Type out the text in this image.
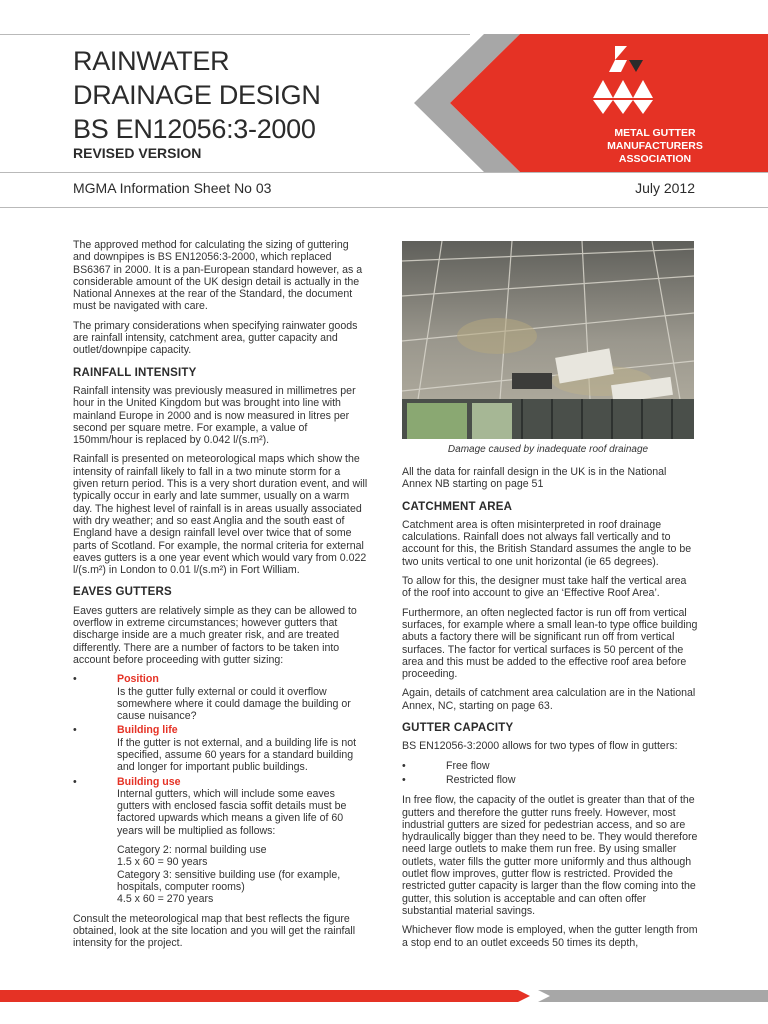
METAL GUTTER
MANUFACTURERS
ASSOCIATION
RAINWATER
DRAINAGE DESIGN
BS EN12056:3-2000
REVISED VERSION
MGMA Information Sheet No 03	July 2012

The approved method for calculating the sizing of guttering and downpipes is BS EN12056:3-2000, which replaced BS6367 in 2000. It is a pan-European standard however, as a considerable amount of the UK design detail is actually in the National Annexes at the rear of the Standard, the document must be navigated with care.

The primary considerations when specifying rainwater goods are rainfall intensity, catchment area, gutter capacity and outlet/downpipe capacity.

RAINFALL INTENSITY

Rainfall intensity was previously measured in millimetres per hour in the United Kingdom but was brought into line with mainland Europe in 2000 and is now measured in litres per second per square metre. For example, a value of 150mm/hour is replaced by 0.042 l/(s.m²).

Rainfall is presented on meteorological maps which show the intensity of rainfall likely to fall in a two minute storm for a given return period. This is a very short duration event, and will typically occur in early and late summer, usually on a warm day. The highest level of rainfall is in areas usually associated with dry weather; and so east Anglia and the south east of England have a design rainfall level over twice that of some parts of Scotland. For example, the normal criteria for external eaves gutters is a one year event which would vary from 0.022 l/(s.m²) in London to 0.01 l/(s.m²) in Fort William.

EAVES GUTTERS

Eaves gutters are relatively simple as they can be allowed to overflow in extreme circumstances; however gutters that discharge inside are a much greater risk, and are treated differently. There are a number of factors to be taken into account before proceeding with gutter sizing:

•	Position
Is the gutter fully external or could it overflow somewhere where it could damage the building or cause nuisance?
•	Building life
If the gutter is not external, and a building life is not specified, assume 60 years for a standard building and longer for important public buildings.
•	Building use
Internal gutters, which will include some eaves gutters with enclosed fascia soffit details must be factored upwards which means a given life of 60 years will be multiplied as follows:
Category 2: normal building use
1.5 x 60 = 90 years
Category 3: sensitive building use (for example, hospitals, computer rooms)
4.5 x 60 = 270 years

Consult the meteorological map that best reflects the figure obtained, look at the site location and you will get the rainfall intensity for the project.

Damage caused by inadequate roof drainage

All the data for rainfall design in the UK is in the National Annex NB starting on page 51

CATCHMENT AREA

Catchment area is often misinterpreted in roof drainage calculations. Rainfall does not always fall vertically and to account for this, the British Standard assumes the angle to be two units vertical to one unit horizontal (ie 65 degrees).

To allow for this, the designer must take half the vertical area of the roof into account to give an ‘Effective Roof Area’.

Furthermore, an often neglected factor is run off from vertical surfaces, for example where a small lean-to type office building abuts a factory there will be significant run off from vertical surfaces. The factor for vertical surfaces is 50 percent of the area and this must be added to the effective roof area before proceeding.

Again, details of catchment area calculation are in the National Annex, NC, starting on page 63.

GUTTER CAPACITY

BS EN12056-3:2000 allows for two types of flow in gutters:

•	Free flow
•	Restricted flow

In free flow, the capacity of the outlet is greater than that of the gutters and therefore the gutter runs freely. However, most industrial gutters are sized for pedestrian access, and so are hydraulically bigger than they need to be. They would therefore need large outlets to make them run free. By using smaller outlets, water fills the gutter more uniformly and thus although outlet flow improves, gutter flow is restricted. Provided the restricted gutter capacity is larger than the flow coming into the gutter, this solution is acceptable and can often offer substantial material savings.

Whichever flow mode is employed, when the gutter length from a stop end to an outlet exceeds 50 times its depth,
